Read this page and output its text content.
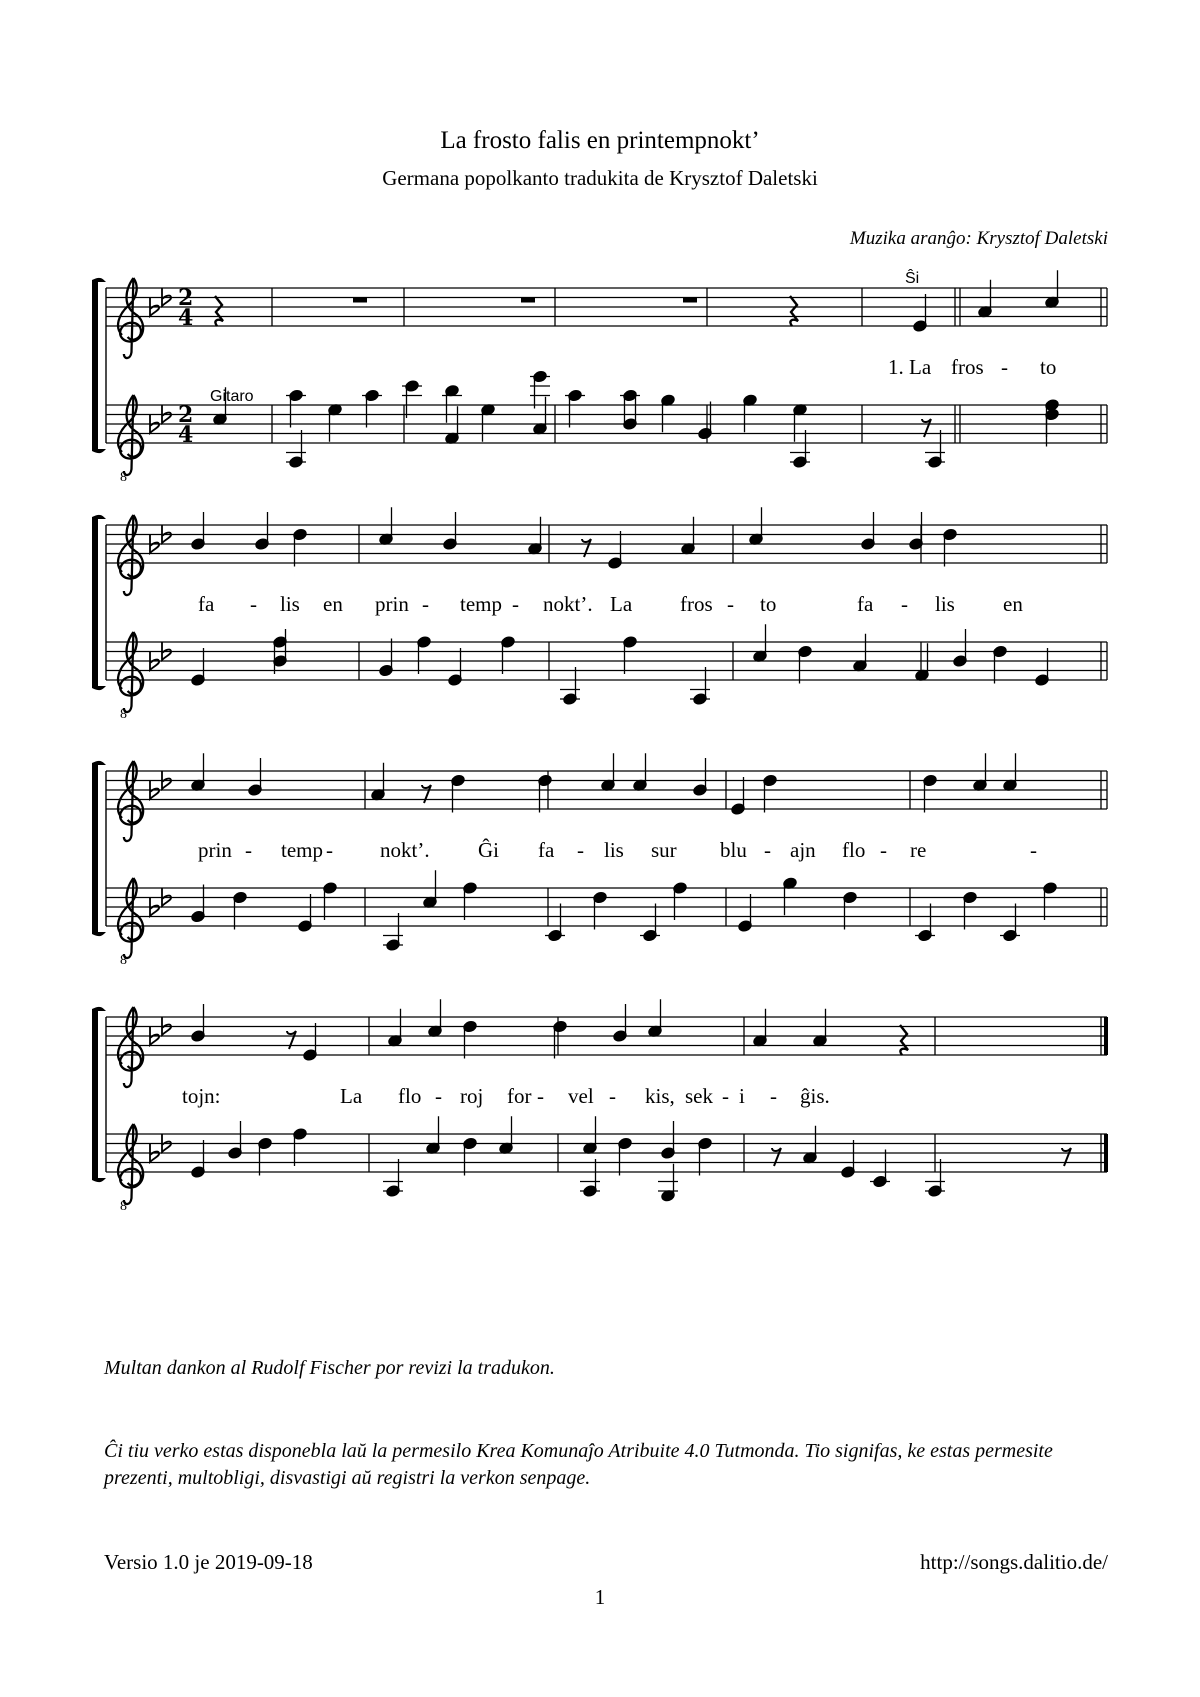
La frosto falis en printempnokt’
Germana popolkanto tradukita de Krysztof Daletski
Muzika aranĝo: Krysztof Daletski
Ŝi
Gitaro
8
2
4
2
4
8
8
8
1. La fros - to
fa - lis en prin - temp - nokt’. La fros - to	fa - lis en
prin - temp - nokt’. Ĝi fa - lis sur blu - ajn flo - re	-
tojn:	La flo - roj for - vel - kis, sek - i - ĝis.
Multan dankon al Rudolf Fischer por revizi la tradukon.
Ĉi tiu verko estas disponebla laŭ la permesilo Krea Komunaĵo Atribuite 4.0 Tutmonda. Tio signifas, ke estas permesite prezenti, multobligi, disvastigi aŭ registri la verkon senpage.
Versio 1.0 je 2019-09-18	http://songs.dalitio.de/
1
